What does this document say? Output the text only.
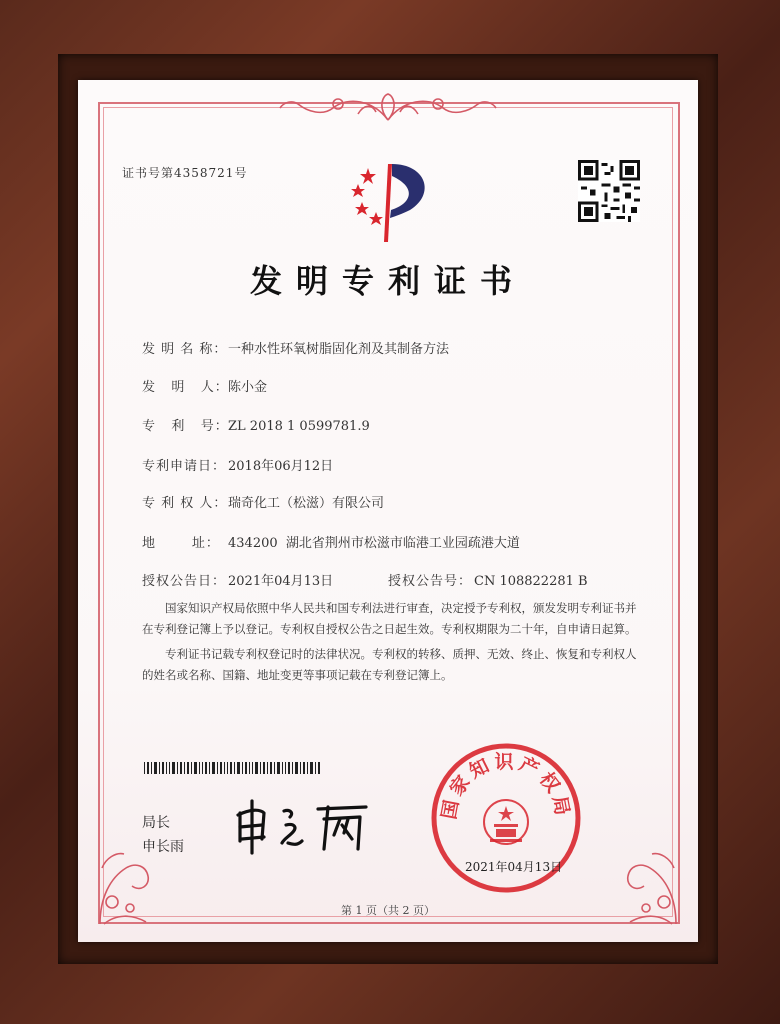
证书号第4358721号
发明专利证书
发 明 名 称：一种水性环氧树脂固化剂及其制备方法
发   明   人：陈小金
专   利   号：ZL 2018 1 0599781.9
专利申请日： 2018年06月12日
专 利 权 人：瑞奇化工（松滋）有限公司
地       址： 434200  湖北省荆州市松滋市临港工业园疏港大道
授权公告日： 2021年04月13日	授权公告号： CN 108822281 B

国家知识产权局依照中华人民共和国专利法进行审查，决定授予专利权，颁发发明专利证书并在专利登记簿上予以登记。专利权自授权公告之日起生效。专利权期限为二十年，自申请日起算。

专利证书记载专利权登记时的法律状况。专利权的转移、质押、无效、终止、恢复和专利权人的姓名或名称、国籍、地址变更等事项记载在专利登记簿上。

局长
申长雨
国家知识产权局
2021年04月13日
第 1 页（共 2 页）
